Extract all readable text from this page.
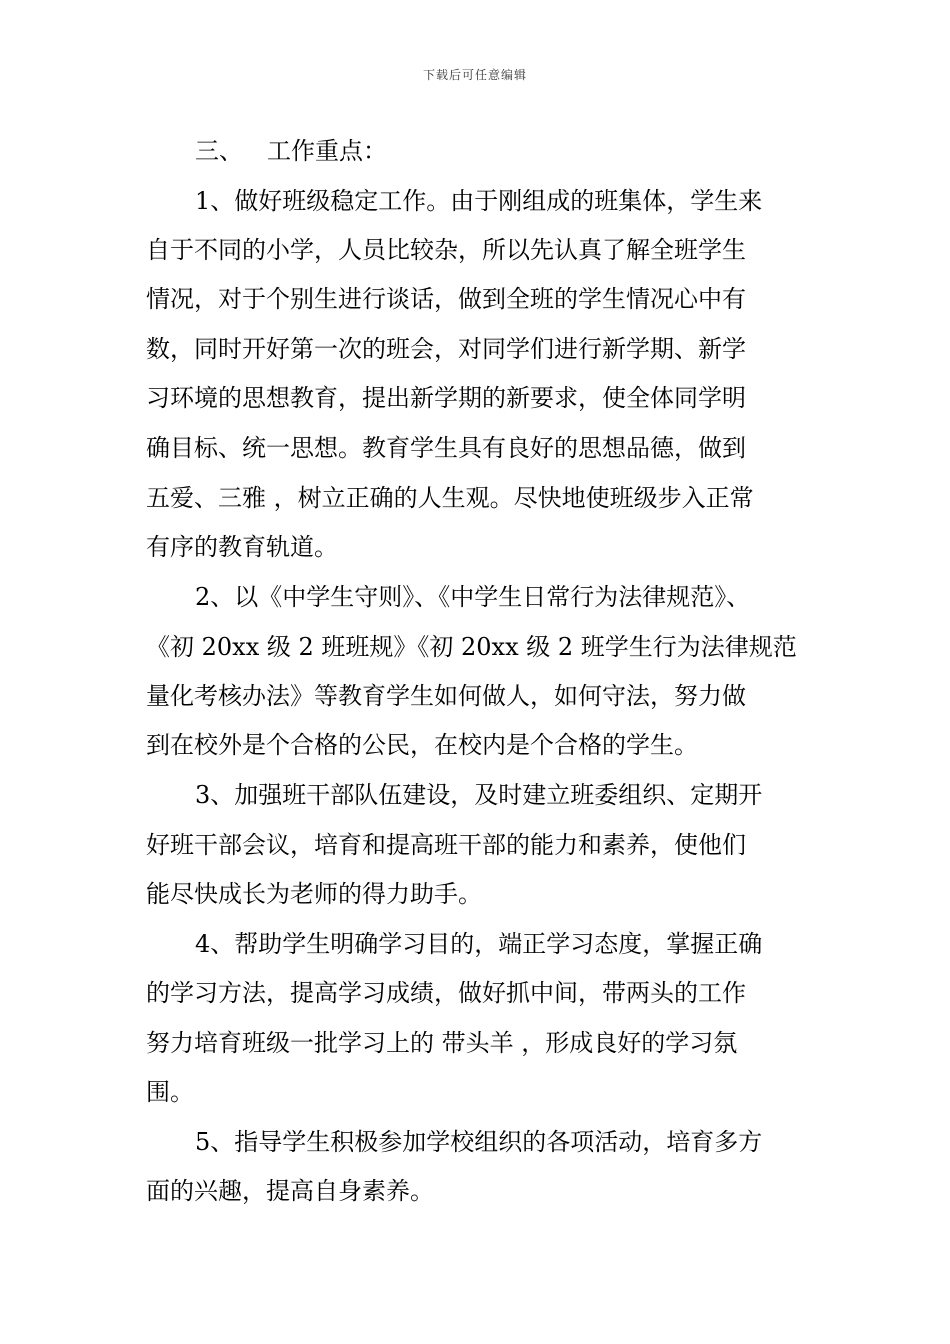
下载后可任意编辑
三、 工作重点：
1、做好班级稳定工作。由于刚组成的班集体，学生来
自于不同的小学，人员比较杂，所以先认真了解全班学生
情况，对于个别生进行谈话，做到全班的学生情况心中有
数，同时开好第一次的班会，对同学们进行新学期、新学
习环境的思想教育，提出新学期的新要求，使全体同学明
确目标、统一思想。教育学生具有良好的思想品德，做到
五爱、三雅 ，树立正确的人生观。尽快地使班级步入正常
有序的教育轨道。
2、以《中学生守则》、《中学生日常行为法律规范》、
《初 20xx 级 2 班班规》《初 20xx 级 2 班学生行为法律规范
量化考核办法》等教育学生如何做人，如何守法，努力做
到在校外是个合格的公民，在校内是个合格的学生。
3、加强班干部队伍建设，及时建立班委组织、定期开
好班干部会议，培育和提高班干部的能力和素养，使他们
能尽快成长为老师的得力助手。
4、帮助学生明确学习目的，端正学习态度，掌握正确
的学习方法，提高学习成绩，做好抓中间，带两头的工作
努力培育班级一批学习上的 带头羊 ，形成良好的学习氛
围。
5、指导学生积极参加学校组织的各项活动，培育多方
面的兴趣，提高自身素养。
